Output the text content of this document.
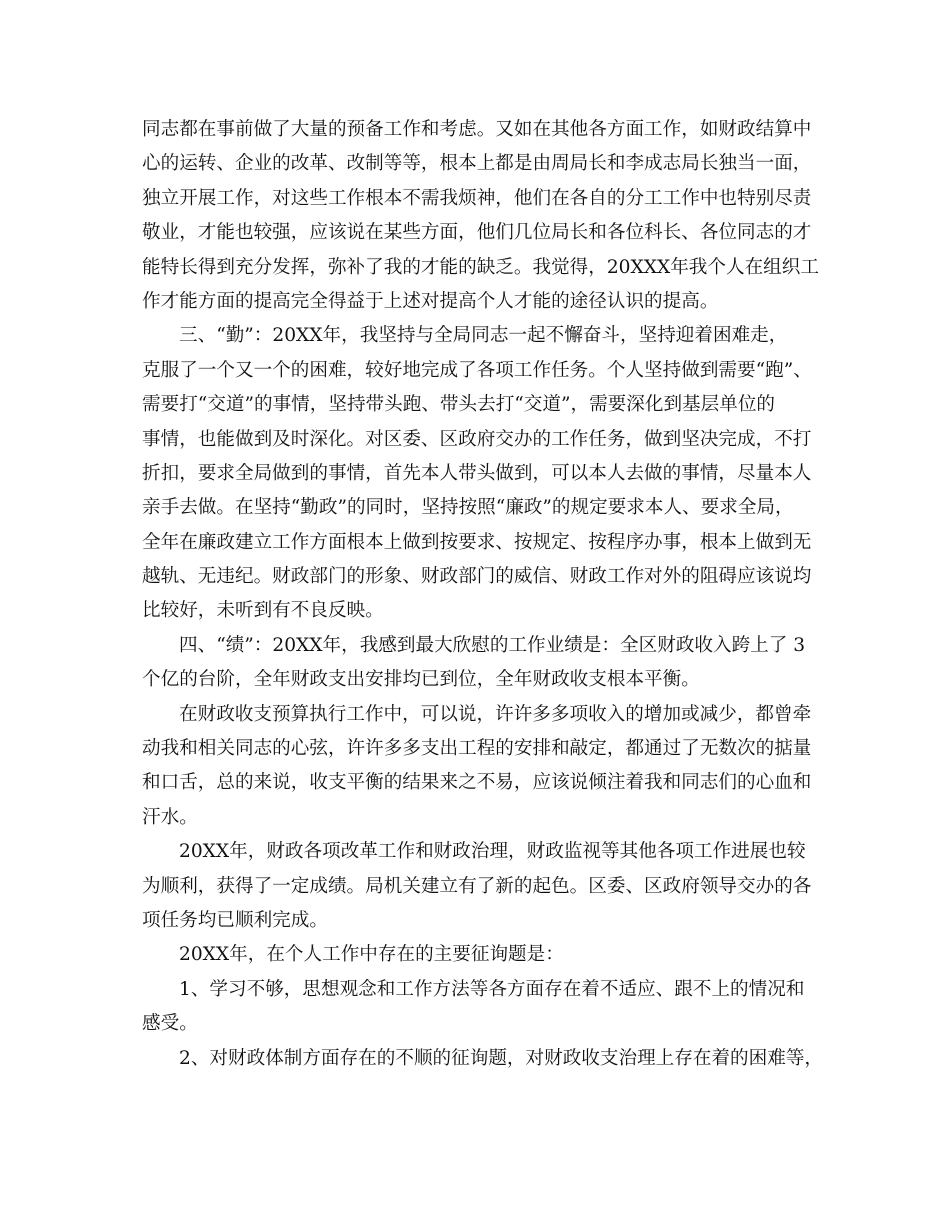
同志都在事前做了大量的预备工作和考虑。又如在其他各方面工作，如财政结算中
心的运转、企业的改革、改制等等，根本上都是由周局长和李成志局长独当一面，
独立开展工作，对这些工作根本不需我烦神，他们在各自的分工工作中也特别尽责
敬业，才能也较强，应该说在某些方面，他们几位局长和各位科长、各位同志的才
能特长得到充分发挥，弥补了我的才能的缺乏。我觉得，20XXX年我个人在组织工
作才能方面的提高完全得益于上述对提高个人才能的途径认识的提高。
三、“勤”：20XX年，我坚持与全局同志一起不懈奋斗，坚持迎着困难走，
克服了一个又一个的困难，较好地完成了各项工作任务。个人坚持做到需要“跑”、
需要打“交道”的事情，坚持带头跑、带头去打“交道”，需要深化到基层单位的
事情，也能做到及时深化。对区委、区政府交办的工作任务，做到坚决完成，不打
折扣，要求全局做到的事情，首先本人带头做到，可以本人去做的事情，尽量本人
亲手去做。在坚持“勤政”的同时，坚持按照“廉政”的规定要求本人、要求全局，
全年在廉政建立工作方面根本上做到按要求、按规定、按程序办事，根本上做到无
越轨、无违纪。财政部门的形象、财政部门的威信、财政工作对外的阻碍应该说均
比较好，未听到有不良反映。
四、“绩”：20XX年，我感到最大欣慰的工作业绩是：全区财政收入跨上了 3
个亿的台阶，全年财政支出安排均已到位，全年财政收支根本平衡。
在财政收支预算执行工作中，可以说，许许多多项收入的增加或减少，都曾牵
动我和相关同志的心弦，许许多多支出工程的安排和敲定，都通过了无数次的掂量
和口舌，总的来说，收支平衡的结果来之不易，应该说倾注着我和同志们的心血和
汗水。
20XX年，财政各项改革工作和财政治理，财政监视等其他各项工作进展也较
为顺利，获得了一定成绩。局机关建立有了新的起色。区委、区政府领导交办的各
项任务均已顺利完成。
20XX年，在个人工作中存在的主要征询题是：
1、学习不够，思想观念和工作方法等各方面存在着不适应、跟不上的情况和
感受。
2、对财政体制方面存在的不顺的征询题，对财政收支治理上存在着的困难等，
